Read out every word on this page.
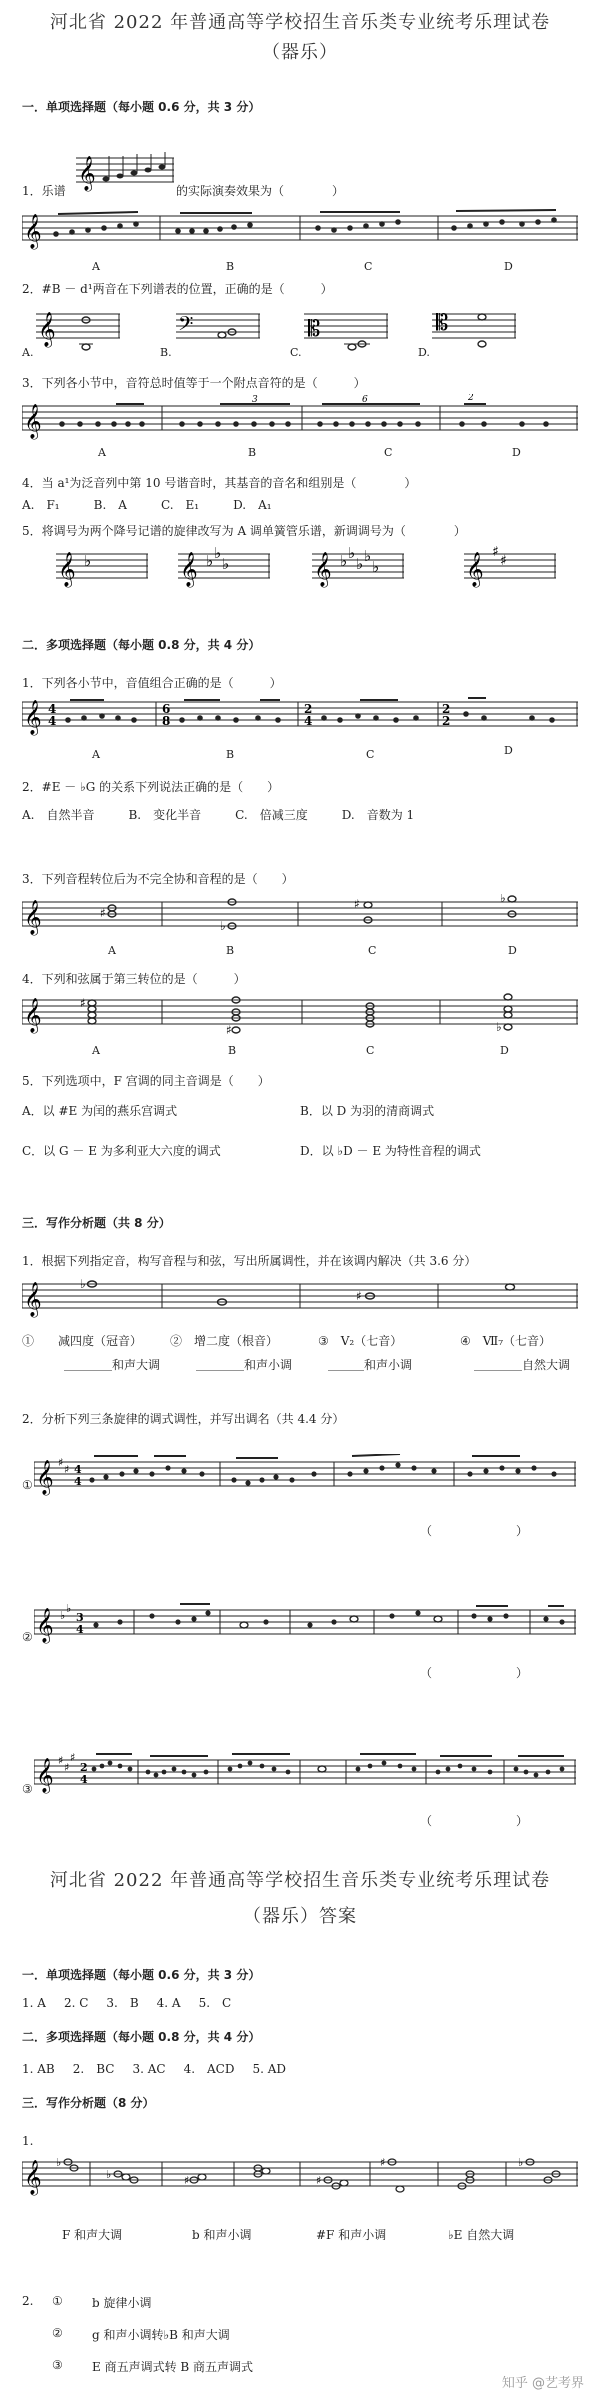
河北省 2022 年普通高等学校招生音乐类专业统考乐理试卷
（器乐）
一．单项选择题（每小题 0.6 分，共 3 分）
1．乐谱 𝄞	的实际演奏效果为（　　　　）
𝄞
A	B	C	D
2．#B － d¹两音在下列谱表的位置，正确的是（　　　）
𝄞	𝄢	𝄡	𝄡
A.	B.	C.	D.
3．下列各小节中，音符总时值等于一个附点音符的是（　　　）
𝄞
3	6	2
A	B	C	D
4．当 a¹为泛音列中第 10 号谐音时，其基音的音名和组别是（　　　　）
A.　F₁	B.　A	C.　E₁	D.　A₁
5．将调号为两个降号记谱的旋律改写为 A 调单簧管乐谱，新调调号为（　　　　）
𝄞 ♭	𝄞 ♭ ♭
♭	𝄞 ♭ ♭
♭ ♭
♭	𝄞 ♯
♯
二．多项选择题（每小题 0.8 分，共 4 分）
1．下列各小节中，音值组合正确的是（　　　）
𝄞 4
4
6
8
2
4
2
2
A	B	C	D
2．#E － ♭G 的关系下列说法正确的是（　　）
A.　自然半音	B.　变化半音	C.　倍减三度	D.　音数为 1
3．下列音程转位后为不完全协和音程的是（　　）
𝄞	♯
♭
♯	♭
A	B	C	D
4．下列和弦属于第三转位的是（　　　）
𝄞	♯
♯	♭
A	B	C	D
5．下列选项中，F 宫调的同主音调是（　　）
A．以 #E 为闰的燕乐宫调式	B．以 D 为羽的清商调式
C．以 G － E 为多利亚大六度的调式	D．以 ♭D － E 为特性音程的调式
三．写作分析题（共 8 分）
1．根据下列指定音，构写音程与和弦，写出所属调性，并在该调内解决（共 3.6 分）
𝄞	♭
♯
①　　减四度（冠音） ②　增二度（根音）	③　V₂（七音）	④　Ⅶ₇（七音）
＿＿＿＿和声大调	＿＿＿＿和声小调	＿＿＿和声小调	＿＿＿＿自然大调
2．分析下列三条旋律的调式调性，并写出调名（共 4.4 分）
① 𝄞 ♯
♯ 4
4
（　　　　　　　）
② 𝄞 ♭
♭
3
4
（　　　　　　　）
③ 𝄞 ♯
♯
♯
2
4
（　　　　　　　）
河北省 2022 年普通高等学校招生音乐类专业统考乐理试卷
（器乐）答案
一．单项选择题（每小题 0.6 分，共 3 分）
1. A 2. C 3.　B 4. A 5.　C
二．多项选择题（每小题 0.8 分，共 4 分）
1. AB 2.　BC 3. AC 4.　ACD 5. AD
三．写作分析题（8 分）
1.
𝄞 ♭
♭	♯	♯
♯	♭
F 和声大调	b 和声小调	#F 和声小调	♭E 自然大调
2. ① b 旋律小调
② g 和声小调转♭B 和声大调
③ E 商五声调式转 B 商五声调式
知乎 @艺考界
